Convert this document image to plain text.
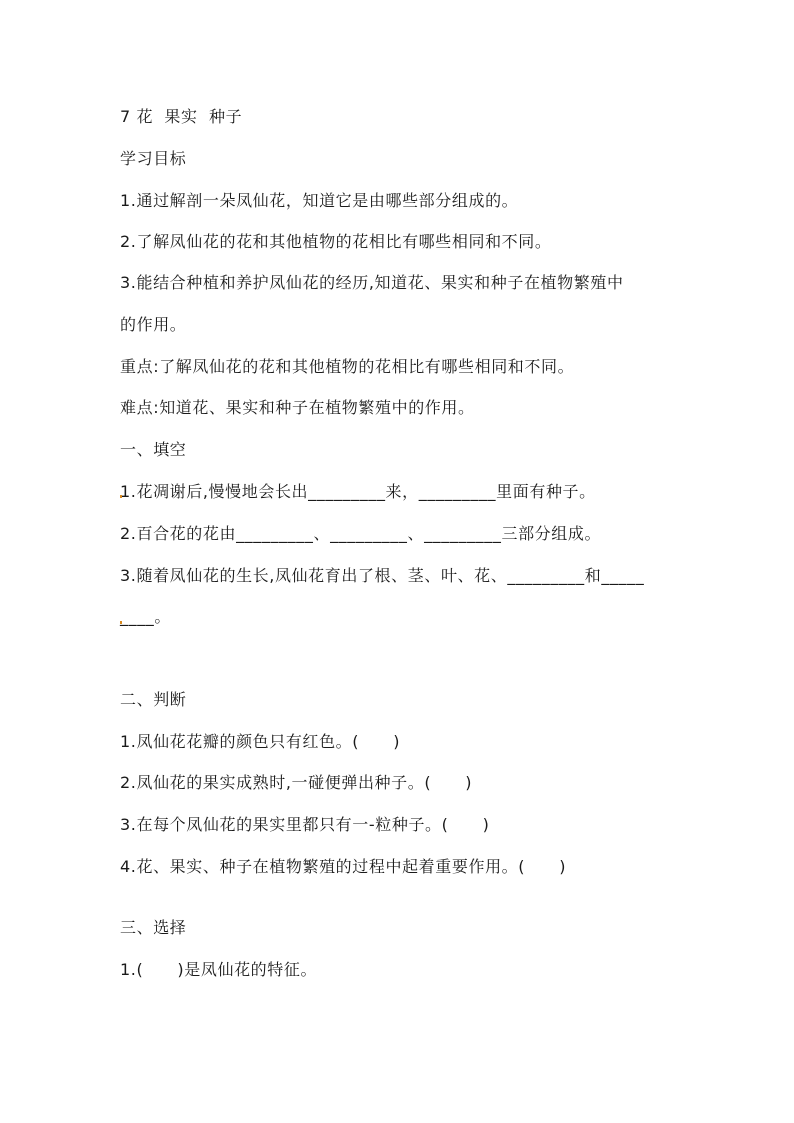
7 花  果实  种子
学习目标
1.通过解剖一朵凤仙花，知道它是由哪些部分组成的。
2.了解凤仙花的花和其他植物的花相比有哪些相同和不同。
3.能结合种植和养护凤仙花的经历,知道花、果实和种子在植物繁殖中
的作用。
重点:了解凤仙花的花和其他植物的花相比有哪些相同和不同。
难点:知道花、果实和种子在植物繁殖中的作用。
一、填空
1.花凋谢后,慢慢地会长出_________来，_________里面有种子。
2.百合花的花由_________、_________、_________三部分组成。
3.随着凤仙花的生长,凤仙花育出了根、茎、叶、花、_________和_____
____。
二、判断
1.凤仙花花瓣的颜色只有红色。(      )
2.凤仙花的果实成熟时,一碰便弹出种子。(      )
3.在每个凤仙花的果实里都只有一-粒种子。(      )
4.花、果实、种子在植物繁殖的过程中起着重要作用。(      )
三、选择
1.(      )是凤仙花的特征。
